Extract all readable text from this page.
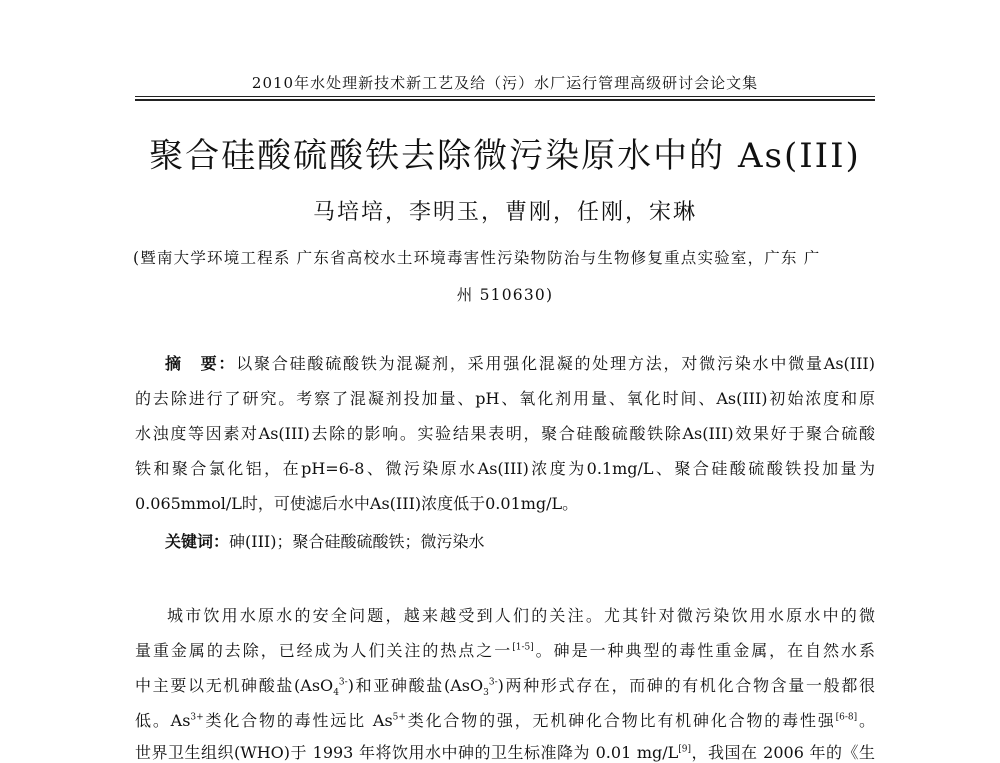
2010年水处理新技术新工艺及给（污）水厂运行管理高级研讨会论文集
聚合硅酸硫酸铁去除微污染原水中的 As(III)
马培培，李明玉，曹刚，任刚，宋琳
(暨南大学环境工程系 广东省高校水土环境毒害性污染物防治与生物修复重点实验室，广东 广
州 510630)
摘　要：以聚合硅酸硫酸铁为混凝剂，采用强化混凝的处理方法，对微污染水中微量As(III)
的去除进行了研究。考察了混凝剂投加量、pH、氧化剂用量、氧化时间、As(III)初始浓度和原
水浊度等因素对As(III)去除的影响。实验结果表明，聚合硅酸硫酸铁除As(III)效果好于聚合硫酸
铁和聚合氯化铝，在pH=6-8、微污染原水As(III)浓度为0.1mg/L、聚合硅酸硫酸铁投加量为
0.065mmol/L时，可使滤后水中As(III)浓度低于0.01mg/L。
关键词：砷(III)；聚合硅酸硫酸铁；微污染水
城市饮用水原水的安全问题，越来越受到人们的关注。尤其针对微污染饮用水原水中的微
量重金属的去除，已经成为人们关注的热点之一[1-5]。砷是一种典型的毒性重金属，在自然水系
中主要以无机砷酸盐(AsO$_4^{3-}$)和亚砷酸盐(AsO$_3^{3-}$)两种形式存在，而砷的有机化合物含量一般都很
低。$As^{3+}$类化合物的毒性远比 $As^{5+}$类化合物的强，无机砷化合物比有机砷化合物的毒性强[6-8]。
世界卫生组织(WHO)于 1993 年将饮用水中砷的卫生标准降为 0.01 mg/L[9]，我国在 2006 年的《生
